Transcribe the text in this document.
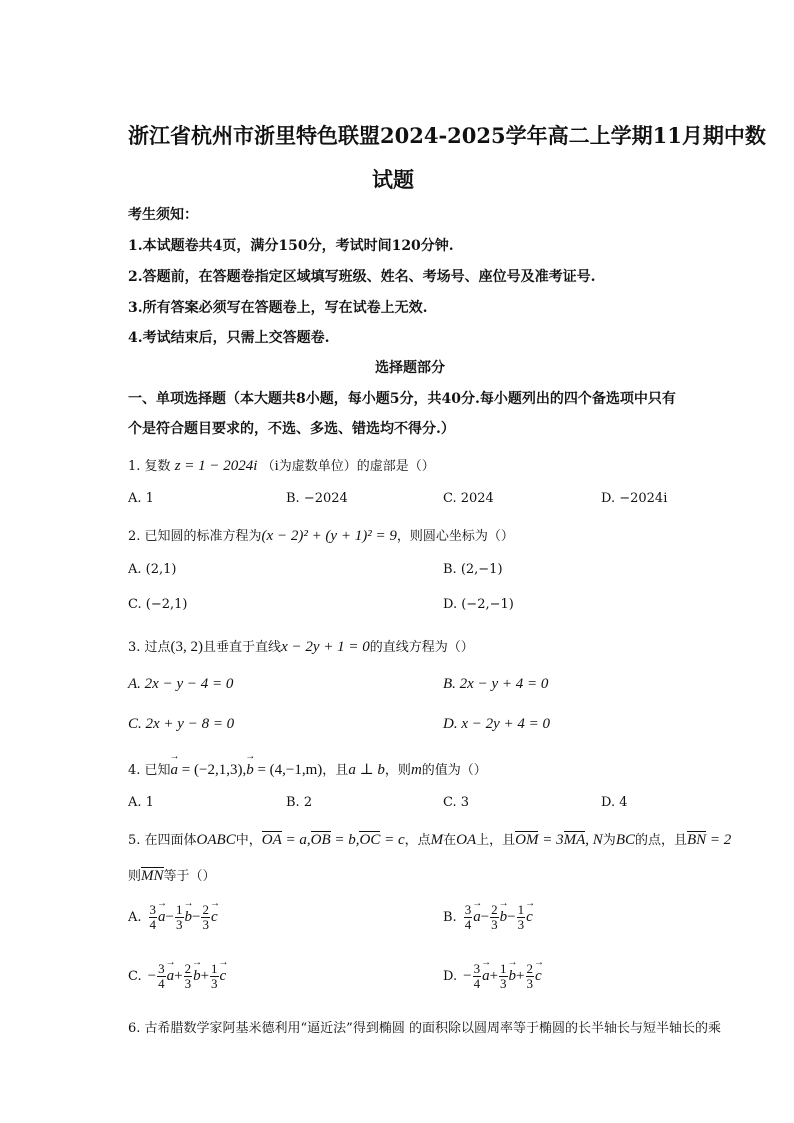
浙江省杭州市浙里特色联盟2024-2025学年高二上学期11月期中数
试题
考生须知：
1.本试题卷共4页，满分150分，考试时间120分钟.
2.答题前，在答题卷指定区域填写班级、姓名、考场号、座位号及准考证号.
3.所有答案必须写在答题卷上，写在试卷上无效.
4.考试结束后，只需上交答题卷.
选择题部分
一、单项选择题（本大题共8小题，每小题5分，共40分.每小题列出的四个备选项中只有
个是符合题目要求的，不选、多选、错选均不得分.）
1. 复数 z = 1 − 2024i （i为虚数单位）的虚部是（）
A. 1	B. −2024	C. 2024	D. −2024i
2. 已知圆的标准方程为(x − 2)² + (y + 1)² = 9，则圆心坐标为（）
A. (2,1)	B. (2,−1)
C. (−2,1)	D. (−2,−1)
3. 过点(3, 2)且垂直于直线x − 2y + 1 = 0的直线方程为（）
A. 2x − y − 4 = 0	B. 2x − y + 4 = 0
C. 2x + y − 8 = 0	D. x − 2y + 4 = 0
4. 已知a → = (−2,1,3),b → = (4,−1,m)，且a ⊥ b，则m的值为（）
A. 1	B. 2	C. 3	D. 4
5. 在四面体OABC中，OA = a,OB = b,OC = c，点M在OA上，且OM = 3MA, N为BC的点，且BN = 2
则MN等于（）
A. $\frac{3}{4}$ $a \to- \frac{1}{3}$ $b \to- \frac{2}{3}$ c →	B. $\frac{3}{4}$ $a \to- \frac{2}{3}$ $b \to- \frac{1}{3}$ c →
C. − $\frac{3}{4}$ $a \to+ \frac{2}{3}$ $b \to+ \frac{1}{3}$ c →	D. − $\frac{3}{4}$ $a \to+ \frac{1}{3}$ $b \to+ \frac{2}{3}$ c →
6. 古希腊数学家阿基米德利用“逼近法”得到椭圆 的面积除以圆周率等于椭圆的长半轴长与短半轴长的乘
